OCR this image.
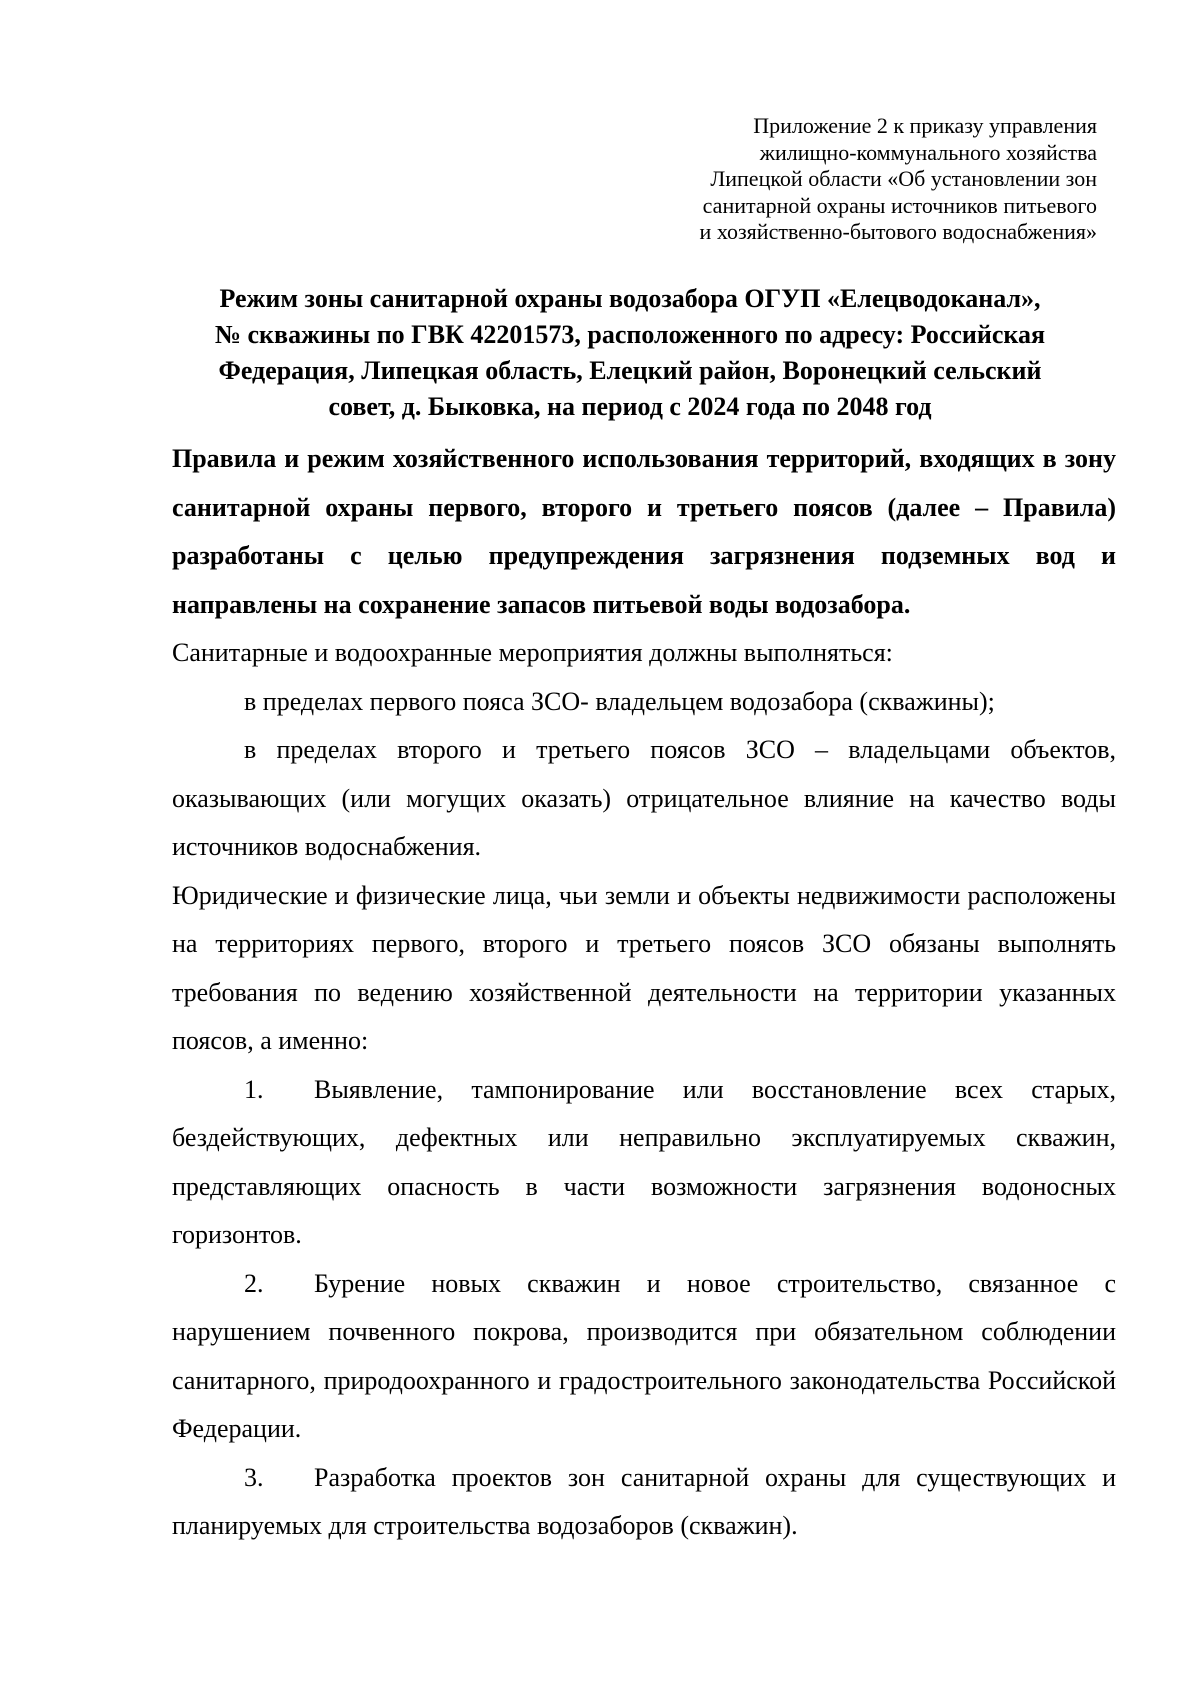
Приложение 2 к приказу управления
жилищно-коммунального хозяйства
Липецкой области «Об установлении зон
санитарной охраны источников питьевого
и хозяйственно-бытового водоснабжения»
Режим зоны санитарной охраны водозабора ОГУП «Елецводоканал»,
№ скважины по ГВК 42201573, расположенного по адресу: Российская
Федерация, Липецкая область, Елецкий район, Воронецкий сельский
совет, д. Быковка, на период с 2024 года по 2048 год

Правила и режим хозяйственного использования территорий, входящих в зону санитарной охраны первого, второго и третьего поясов (далее – Правила) разработаны с целью предупреждения загрязнения подземных вод и направлены на сохранение запасов питьевой воды водозабора.

Санитарные и водоохранные мероприятия должны выполняться:

в пределах первого пояса ЗСО- владельцем водозабора (скважины);

в пределах второго и третьего поясов ЗСО – владельцами объектов, оказывающих (или могущих оказать) отрицательное влияние на качество воды источников водоснабжения.

Юридические и физические лица, чьи земли и объекты недвижимости расположены на территориях первого, второго и третьего поясов ЗСО обязаны выполнять требования по ведению хозяйственной деятельности на территории указанных поясов, а именно:

1. Выявление, тампонирование или восстановление всех старых, бездействующих, дефектных или неправильно эксплуатируемых скважин, представляющих опасность в части возможности загрязнения водоносных горизонтов.

2. Бурение новых скважин и новое строительство, связанное с нарушением почвенного покрова, производится при обязательном соблюдении санитарного, природоохранного и градостроительного законодательства Российской Федерации.

3. Разработка проектов зон санитарной охраны для существующих и планируемых для строительства водозаборов (скважин).
